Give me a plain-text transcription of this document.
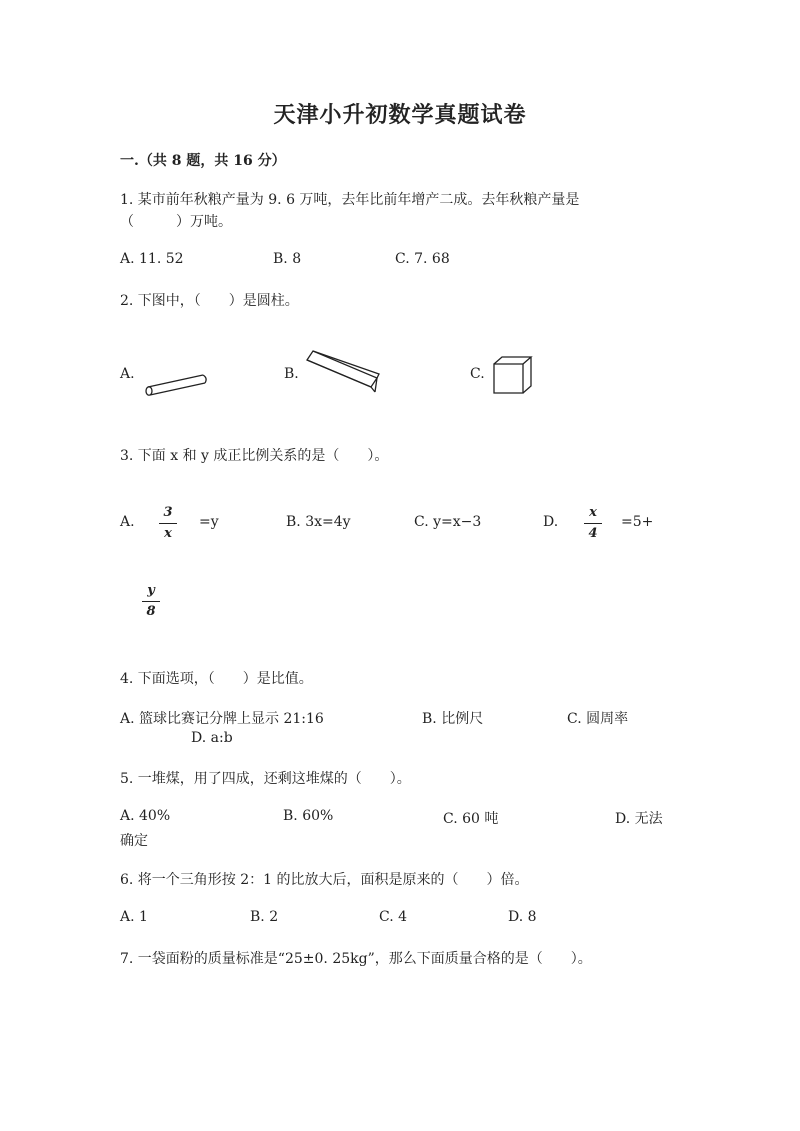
天津小升初数学真题试卷
一.（共 8 题，共 16 分）
1. 某市前年秋粮产量为 9. 6 万吨，去年比前年增产二成。去年秋粮产量是
（　　　）万吨。
A. 11. 52	B. 8	C. 7. 68
2. 下图中，（　　）是圆柱。
A.	B.	C.
3. 下面 x 和 y 成正比例关系的是（　　）。
A.
3
x
=y	B. 3x=4y	C. y=x−3	D.
x
4
=5+
y
8
4. 下面选项，（　　）是比值。
A. 篮球比赛记分牌上显示 21:16	B. 比例尺	C. 圆周率
D. a:b
5. 一堆煤，用了四成，还剩这堆煤的（　　）。
A. 40%	B. 60%	C. 60 吨	D. 无法
确定
6. 将一个三角形按 2：1 的比放大后，面积是原来的（　　）倍。
A. 1	B. 2	C. 4	D. 8
7. 一袋面粉的质量标准是“25±0. 25kg”，那么下面质量合格的是（　　）。
